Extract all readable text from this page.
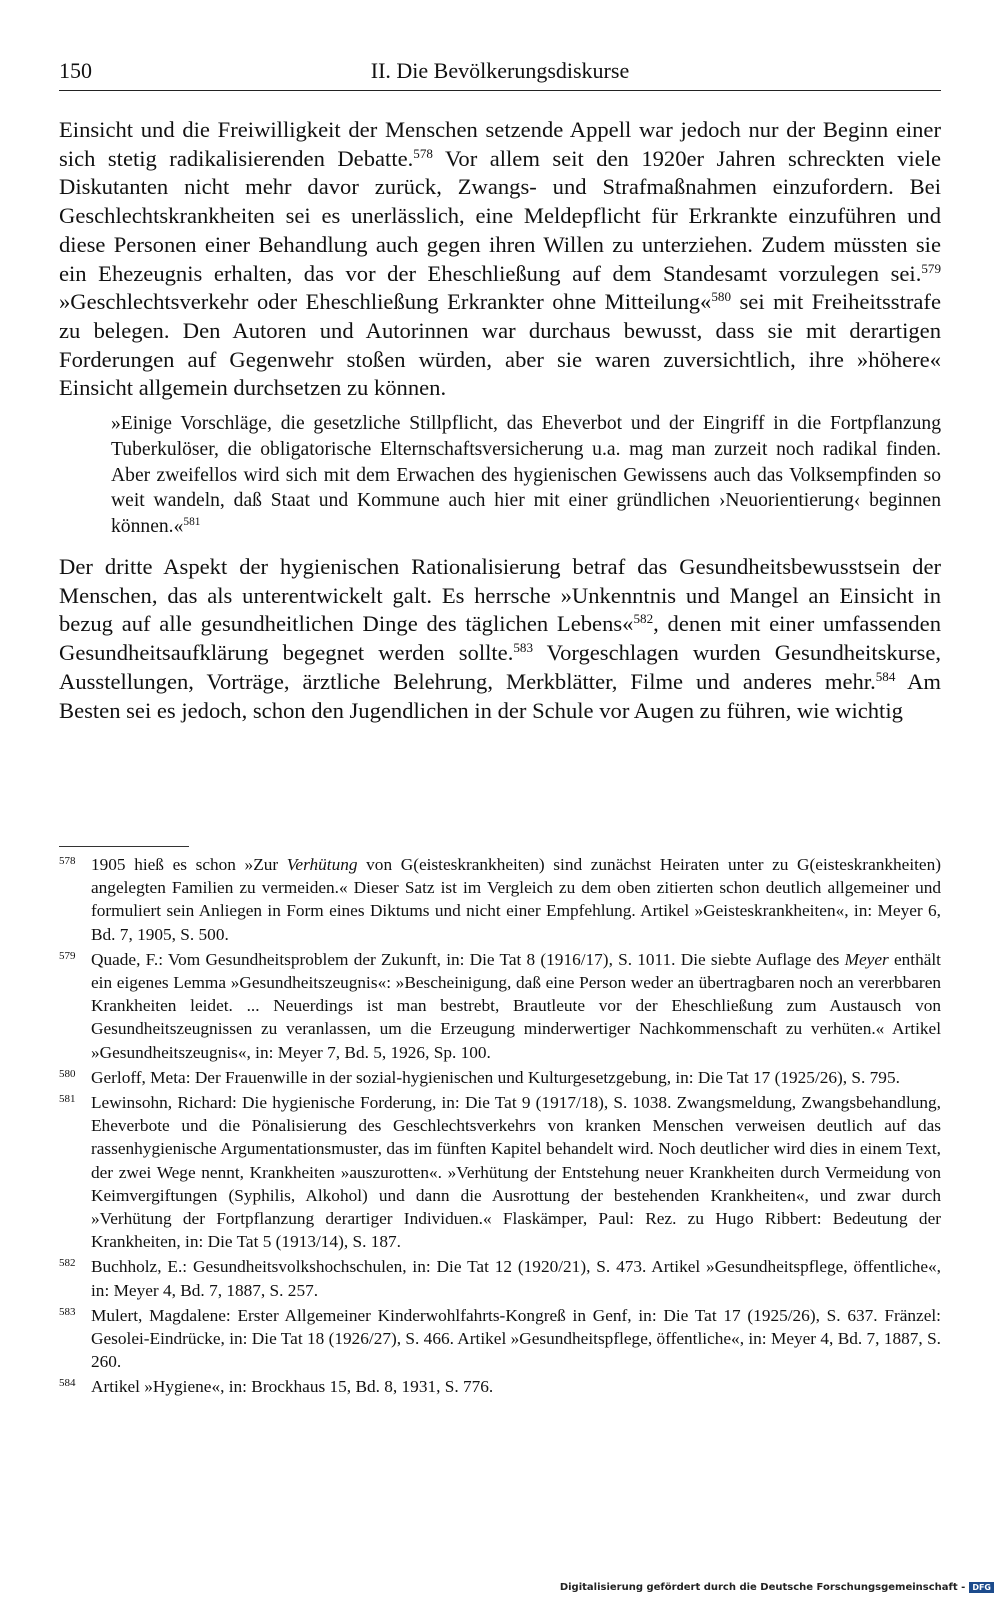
150	II. Die Bevölkerungsdiskurse

Einsicht und die Freiwilligkeit der Menschen setzende Appell war jedoch nur der Beginn einer sich stetig radikalisierenden Debatte.$^{578}$ Vor allem seit den 1920er Jahren schreckten viele Diskutanten nicht mehr davor zurück, Zwangs- und Strafmaßnahmen einzufordern. Bei Geschlechtskrankheiten sei es unerlässlich, eine Meldepflicht für Erkrankte einzuführen und diese Personen einer Behandlung auch gegen ihren Willen zu unterziehen. Zudem müssten sie ein Ehezeugnis erhalten, das vor der Eheschließung auf dem Standesamt vorzulegen sei.$^{579}$ »Geschlechtsverkehr oder Eheschließung Erkrankter ohne Mitteilung«$^{580}$ sei mit Freiheitsstrafe zu belegen. Den Autoren und Autorinnen war durchaus bewusst, dass sie mit derartigen Forderungen auf Gegenwehr stoßen würden, aber sie waren zuversichtlich, ihre »höhere« Einsicht allgemein durchsetzen zu können.

»Einige Vorschläge, die gesetzliche Stillpflicht, das Eheverbot und der Eingriff in die Fortpflanzung Tuberkulöser, die obligatorische Elternschaftsversicherung u.a. mag man zurzeit noch radikal finden. Aber zweifellos wird sich mit dem Erwachen des hygienischen Gewissens auch das Volksempfinden so weit wandeln, daß Staat und Kommune auch hier mit einer gründlichen ›Neuorientierung‹ beginnen können.«$^{581}$

Der dritte Aspekt der hygienischen Rationalisierung betraf das Gesundheitsbewusstsein der Menschen, das als unterentwickelt galt. Es herrsche »Unkenntnis und Mangel an Einsicht in bezug auf alle gesundheitlichen Dinge des täglichen Lebens«$^{582}$, denen mit einer umfassenden Gesundheitsaufklärung begegnet werden sollte.$^{583}$ Vorgeschlagen wurden Gesundheitskurse, Ausstellungen, Vorträge, ärztliche Belehrung, Merkblätter, Filme und anderes mehr.$^{584}$ Am Besten sei es jedoch, schon den Jugendlichen in der Schule vor Augen zu führen, wie wichtig

578 1905 hieß es schon »Zur Verhütung von G(eisteskrankheiten) sind zunächst Heiraten unter zu G(eisteskrankheiten) angelegten Familien zu vermeiden.« Dieser Satz ist im Vergleich zu dem oben zitierten schon deutlich allgemeiner und formuliert sein Anliegen in Form eines Diktums und nicht einer Empfehlung. Artikel »Geisteskrankheiten«, in: Meyer 6, Bd. 7, 1905, S. 500.
579 Quade, F.: Vom Gesundheitsproblem der Zukunft, in: Die Tat 8 (1916/17), S. 1011. Die siebte Auflage des Meyer enthält ein eigenes Lemma »Gesundheitszeugnis«: »Bescheinigung, daß eine Person weder an übertragbaren noch an vererbbaren Krankheiten leidet. ... Neuerdings ist man bestrebt, Brautleute vor der Eheschließung zum Austausch von Gesundheitszeugnissen zu veranlassen, um die Erzeugung minderwertiger Nachkommenschaft zu verhüten.« Artikel »Gesundheitszeugnis«, in: Meyer 7, Bd. 5, 1926, Sp. 100.
580 Gerloff, Meta: Der Frauenwille in der sozial-hygienischen und Kulturgesetzgebung, in: Die Tat 17 (1925/26), S. 795.
581 Lewinsohn, Richard: Die hygienische Forderung, in: Die Tat 9 (1917/18), S. 1038. Zwangsmeldung, Zwangsbehandlung, Eheverbote und die Pönalisierung des Geschlechtsverkehrs von kranken Menschen verweisen deutlich auf das rassenhygienische Argumentationsmuster, das im fünften Kapitel behandelt wird. Noch deutlicher wird dies in einem Text, der zwei Wege nennt, Krankheiten »auszurotten«. »Verhütung der Entstehung neuer Krankheiten durch Vermeidung von Keimvergiftungen (Syphilis, Alkohol) und dann die Ausrottung der bestehenden Krankheiten«, und zwar durch »Verhütung der Fortpflanzung derartiger Individuen.« Flaskämper, Paul: Rez. zu Hugo Ribbert: Bedeutung der Krankheiten, in: Die Tat 5 (1913/14), S. 187.
582 Buchholz, E.: Gesundheitsvolkshochschulen, in: Die Tat 12 (1920/21), S. 473. Artikel »Gesundheitspflege, öffentliche«, in: Meyer 4, Bd. 7, 1887, S. 257.
583 Mulert, Magdalene: Erster Allgemeiner Kinderwohlfahrts-Kongreß in Genf, in: Die Tat 17 (1925/26), S. 637. Fränzel: Gesolei-Eindrücke, in: Die Tat 18 (1926/27), S. 466. Artikel »Gesundheitspflege, öffentliche«, in: Meyer 4, Bd. 7, 1887, S. 260.
584 Artikel »Hygiene«, in: Brockhaus 15, Bd. 8, 1931, S. 776.
Digitalisierung gefördert durch die Deutsche Forschungsgemeinschaft - DFG
